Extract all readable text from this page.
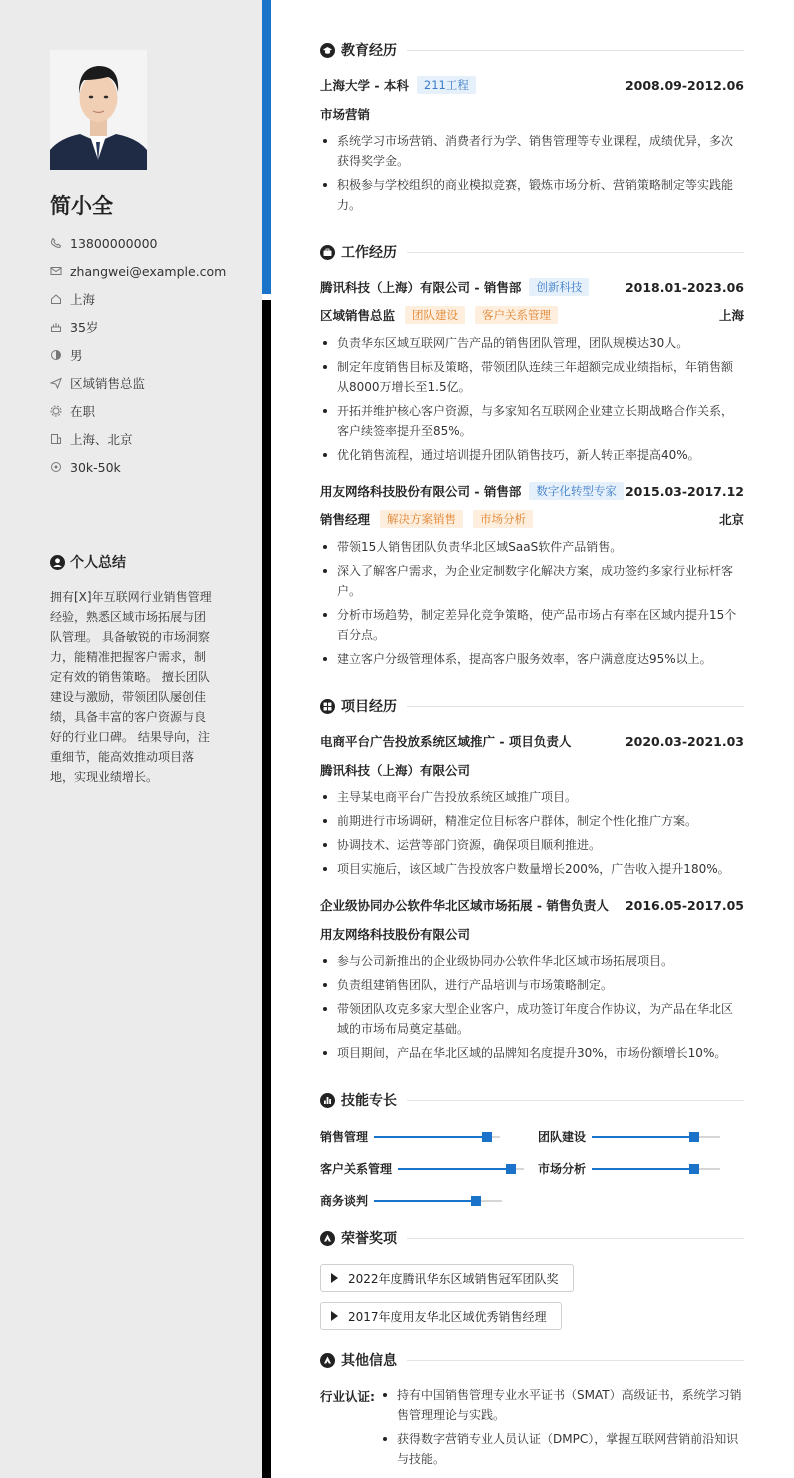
简小全
13800000000
zhangwei@example.com
上海
35岁
男
区域销售总监
在职
上海、北京
30k-50k
个人总结
拥有[X]年互联网行业销售管理经验，熟悉区域市场拓展与团队管理。 具备敏锐的市场洞察力，能精准把握客户需求，制定有效的销售策略。 擅长团队建设与激励，带领团队屡创佳绩，具备丰富的客户资源与良好的行业口碑。 结果导向，注重细节，能高效推动项目落地，实现业绩增长。
教育经历
上海大学 - 本科	211工程	2008.09-2012.06
市场营销
系统学习市场营销、消费者行为学、销售管理等专业课程，成绩优异，多次获得奖学金。
积极参与学校组织的商业模拟竞赛，锻炼市场分析、营销策略制定等实践能力。
工作经历
腾讯科技（上海）有限公司 - 销售部	创新科技	2018.01-2023.06
区域销售总监	团队建设	客户关系管理	上海
负责华东区域互联网广告产品的销售团队管理，团队规模达30人。
制定年度销售目标及策略，带领团队连续三年超额完成业绩指标，年销售额从8000万增长至1.5亿。
开拓并维护核心客户资源，与多家知名互联网企业建立长期战略合作关系，客户续签率提升至85%。
优化销售流程，通过培训提升团队销售技巧，新人转正率提高40%。
用友网络科技股份有限公司 - 销售部	数字化转型专家 2015.03-2017.12
销售经理	解决方案销售	市场分析	北京
带领15人销售团队负责华北区域SaaS软件产品销售。
深入了解客户需求，为企业定制数字化解决方案，成功签约多家行业标杆客户。
分析市场趋势，制定差异化竞争策略，使产品市场占有率在区域内提升15个百分点。
建立客户分级管理体系，提高客户服务效率，客户满意度达95%以上。
项目经历
电商平台广告投放系统区域推广 - 项目负责人	2020.03-2021.03
腾讯科技（上海）有限公司
主导某电商平台广告投放系统区域推广项目。
前期进行市场调研，精准定位目标客户群体，制定个性化推广方案。
协调技术、运营等部门资源，确保项目顺利推进。
项目实施后，该区域广告投放客户数量增长200%，广告收入提升180%。
企业级协同办公软件华北区域市场拓展 - 销售负责人 2016.05-2017.05
用友网络科技股份有限公司
参与公司新推出的企业级协同办公软件华北区域市场拓展项目。
负责组建销售团队，进行产品培训与市场策略制定。
带领团队攻克多家大型企业客户，成功签订年度合作协议，为产品在华北区域的市场布局奠定基础。
项目期间，产品在华北区域的品牌知名度提升30%，市场份额增长10%。
技能专长
销售管理	团队建设
客户关系管理	市场分析
商务谈判
荣誉奖项
2022年度腾讯华东区域销售冠军团队奖
2017年度用友华北区域优秀销售经理
其他信息
行业认证:	持有中国销售管理专业水平证书（SMAT）高级证书，系统学习销售管理理论与实践。
获得数字营销专业人员认证（DMPC），掌握互联网营销前沿知识与技能。
